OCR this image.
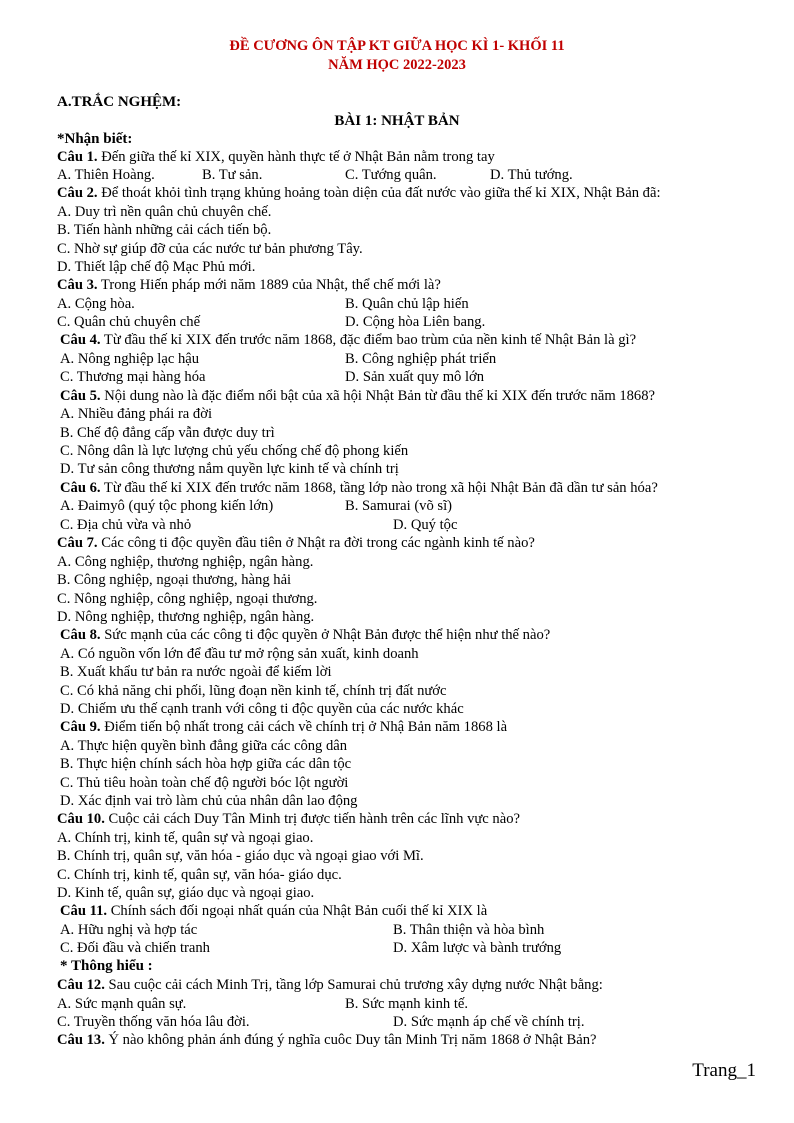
ĐỀ CƯƠNG ÔN TẬP KT GIỮA HỌC KÌ 1- KHỐI 11
NĂM HỌC 2022-2023
A.TRẮC NGHỆM:
BÀI 1: NHẬT BẢN
*Nhận biết:
Câu 1. Đến giữa thế kỉ XIX, quyền hành thực tế ở Nhật Bản nằm trong tay
A. Thiên Hoàng.	B. Tư sản.	C. Tướng quân.	D. Thủ tướng.
Câu 2. Để thoát khỏi tình trạng khủng hoảng toàn diện của đất nước vào giữa thế kỉ XIX, Nhật Bản đã:
A. Duy trì nền quân chủ chuyên chế.
B. Tiến hành những cải cách tiến bộ.
C. Nhờ sự giúp đỡ của các nước tư bản phương Tây.
D. Thiết lập chế độ Mạc Phủ mới.
Câu 3. Trong Hiến pháp mới năm 1889 của Nhật, thể chế mới là?
A. Cộng hòa.	B. Quân chủ lập hiến
C. Quân chủ chuyên chế	D. Cộng hòa Liên bang.
Câu 4. Từ đầu thế kỉ XIX đến trước năm 1868, đặc điểm bao trùm của nền kinh tế Nhật Bản là gì?
A. Nông nghiệp lạc hậu	B. Công nghiệp phát triển
C. Thương mại hàng hóa	D. Sản xuất quy mô lớn
Câu 5. Nội dung nào là đặc điểm nổi bật của xã hội Nhật Bản từ đầu thế kỉ XIX đến trước năm 1868?
A. Nhiều đảng phái ra đời
B. Chế độ đẳng cấp vẫn được duy trì
C. Nông dân là lực lượng chủ yếu chống chế độ phong kiến
D. Tư sản công thương nắm quyền lực kinh tế và chính trị
Câu 6. Từ đầu thế kỉ XIX đến trước năm 1868, tầng lớp nào trong xã hội Nhật Bản đã dần tư sản hóa?
A. Đaimyô (quý tộc phong kiến lớn)	B. Samurai (võ sĩ)
C. Địa chủ vừa và nhỏ	D. Quý tộc
Câu 7. Các công ti độc quyền đầu tiên ở Nhật ra đời trong các ngành kinh tế nào?
A. Công nghiệp, thương nghiệp, ngân hàng.
B. Công nghiệp, ngoại thương, hàng hải
C. Nông nghiệp, công nghiệp, ngoại thương.
D. Nông nghiệp, thương nghiệp, ngân hàng.
Câu 8. Sức mạnh của các công ti độc quyền ở Nhật Bản được thể hiện như thế nào?
A. Có nguồn vốn lớn để đầu tư mở rộng sản xuất, kinh doanh
B. Xuất khẩu tư bản ra nước ngoài để kiếm lời
C. Có khả năng chi phối, lũng đoạn nền kinh tế, chính trị đất nước
D. Chiếm ưu thế cạnh tranh với công ti độc quyền của các nước khác
Câu 9. Điểm tiến bộ nhất trong cải cách về chính trị ở Nhậ Bản năm 1868 là
A. Thực hiện quyền bình đẳng giữa các công dân
B. Thực hiện chính sách hòa hợp giữa các dân tộc
C. Thủ tiêu hoàn toàn chế độ người bóc lột người
D. Xác định vai trò làm chủ của nhân dân lao động
Câu 10. Cuộc cải cách Duy Tân Minh trị được tiến hành trên các lĩnh vực nào?
A. Chính trị, kinh tế, quân sự và ngoại giao.
B. Chính trị, quân sự, văn hóa - giáo dục và ngoại giao với Mĩ.
C. Chính trị, kinh tế, quân sự, văn hóa- giáo dục.
D. Kinh tế, quân sự, giáo dục và ngoại giao.
Câu 11. Chính sách đối ngoại nhất quán của Nhật Bản cuối thế kỉ XIX là
A. Hữu nghị và hợp tác	B. Thân thiện và hòa bình
C. Đối đầu và chiến tranh	D. Xâm lược và bành trướng
* Thông hiểu :
Câu 12. Sau cuộc cải cách Minh Trị, tầng lớp Samurai chủ trương xây dựng nước Nhật bằng:
A. Sức mạnh quân sự.	B. Sức mạnh kinh tế.
C. Truyền thống văn hóa lâu đời.	D. Sức mạnh áp chế về chính trị.
Câu 13. Ý nào không phản ánh đúng ý nghĩa cuôc Duy tân Minh Trị năm 1868 ở Nhật Bản?
Trang_1
